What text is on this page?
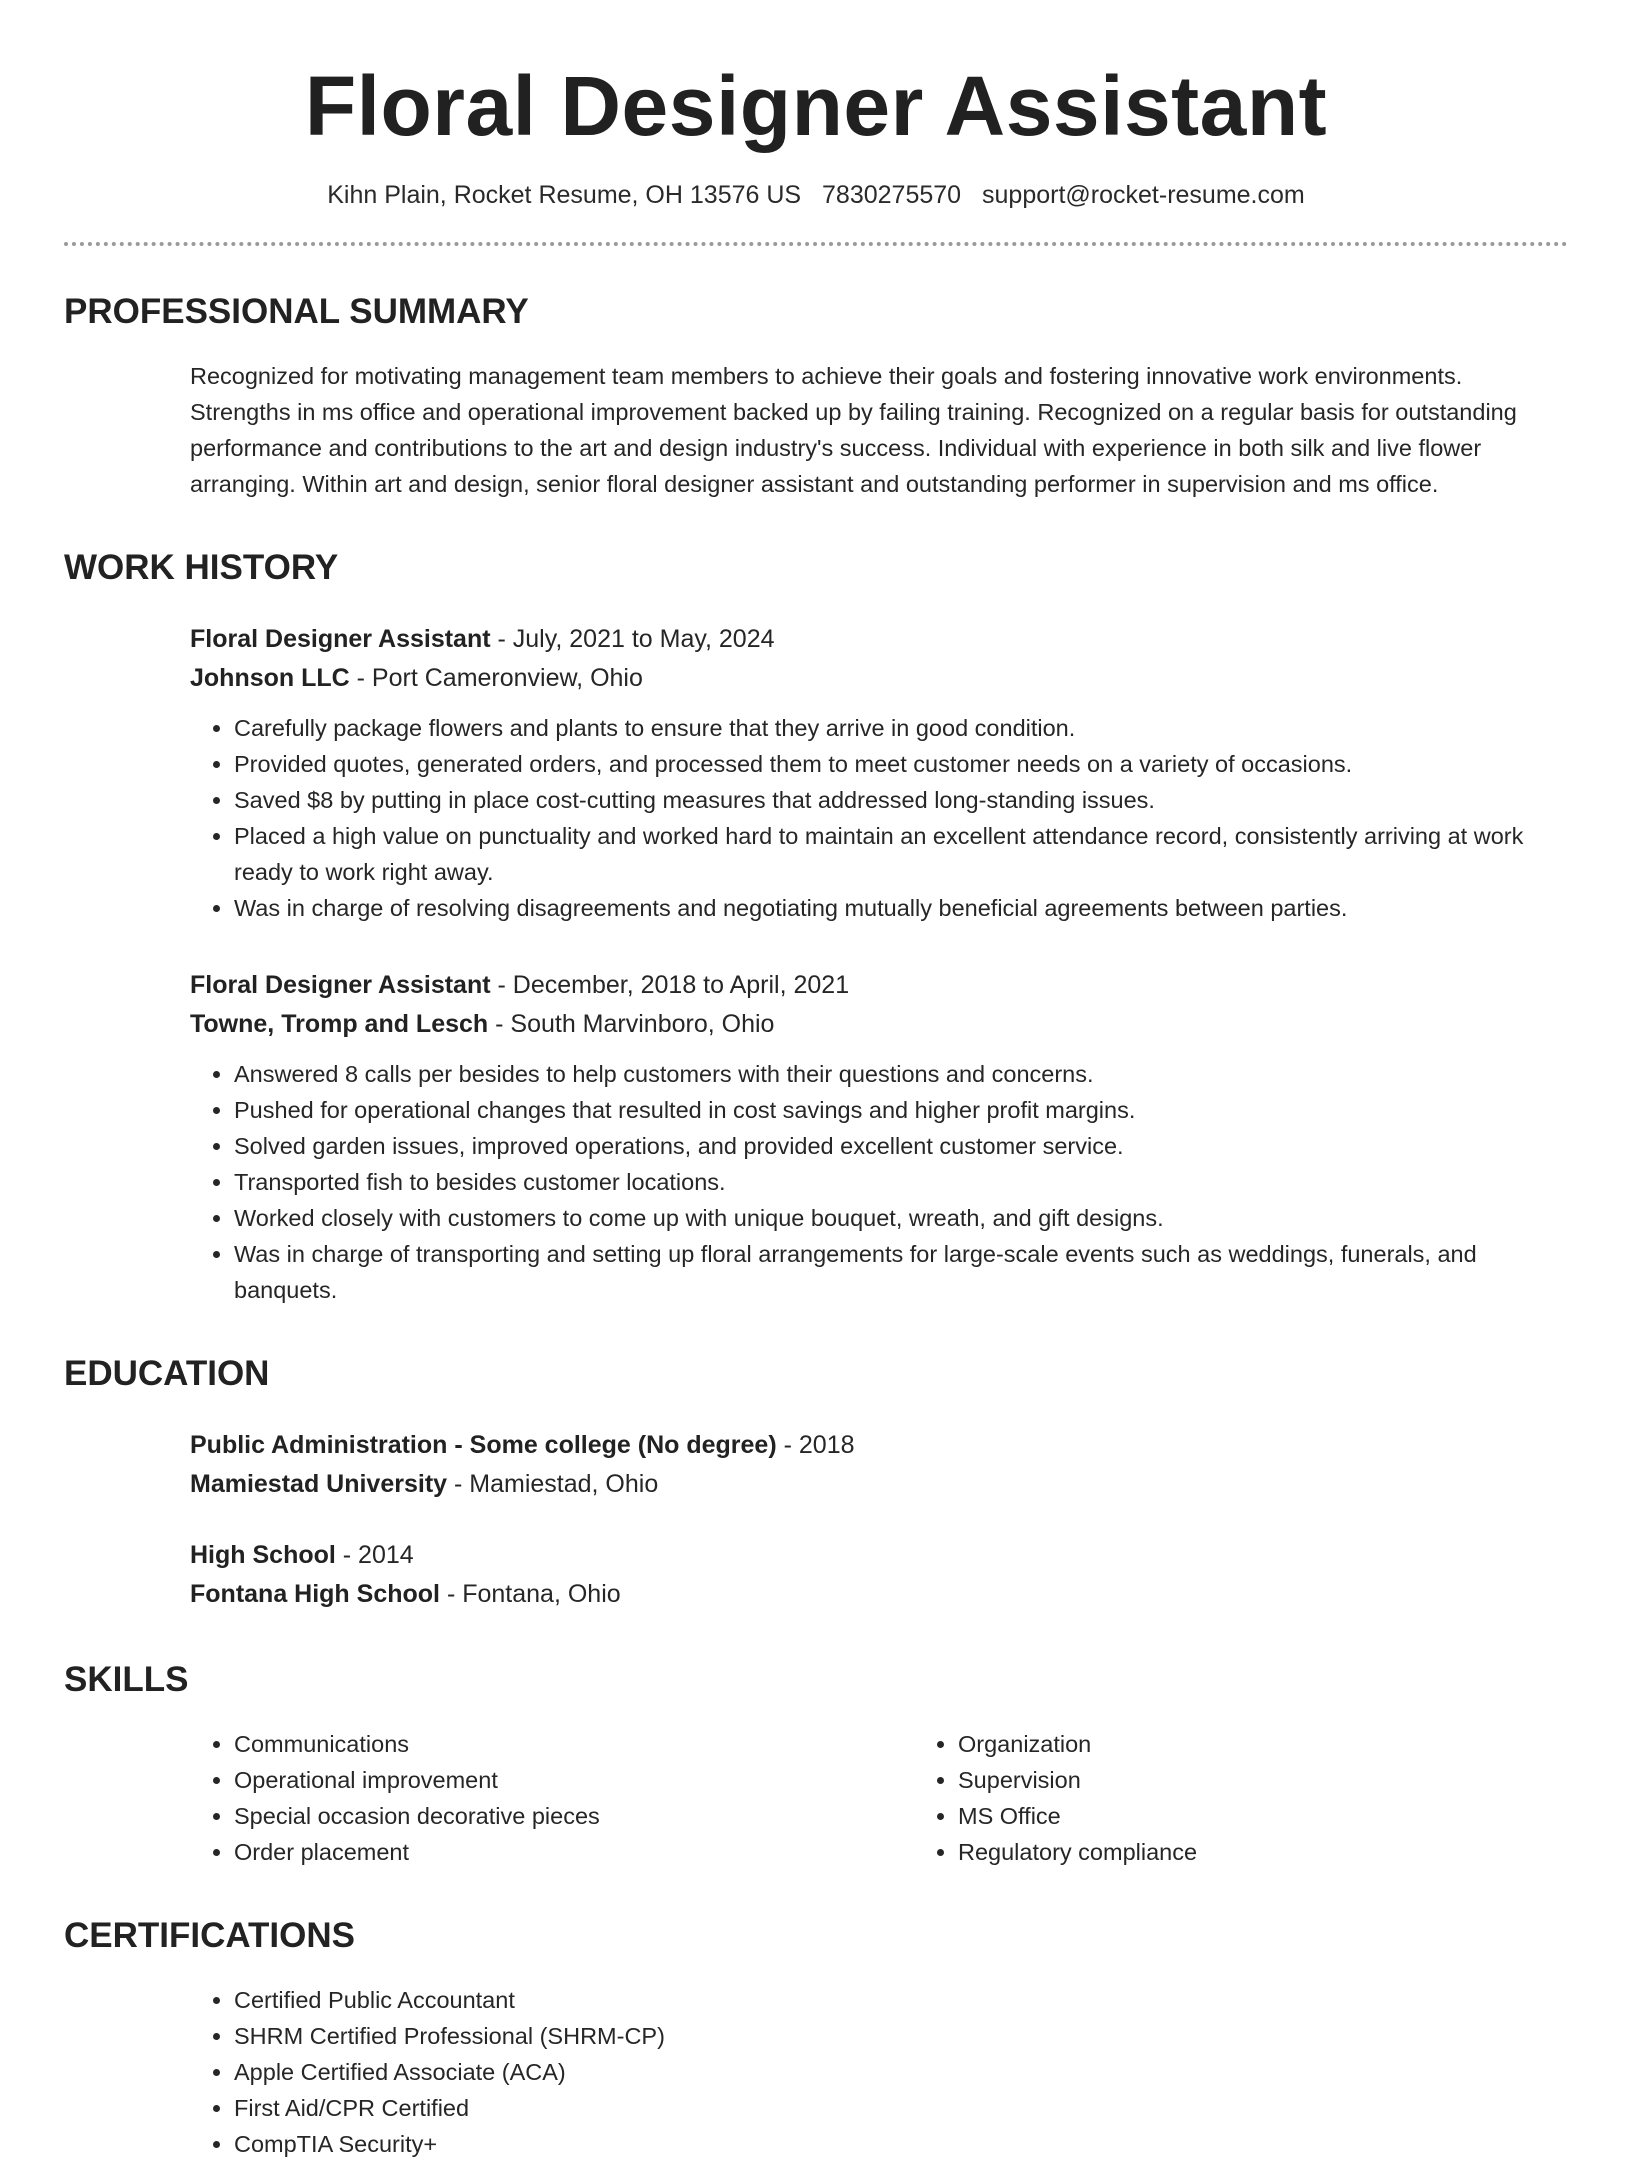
Floral Designer Assistant
Kihn Plain, Rocket Resume, OH 13576 US 7830275570 support@rocket-resume.com
PROFESSIONAL SUMMARY
Recognized for motivating management team members to achieve their goals and fostering innovative work environments. Strengths in ms office and operational improvement backed up by failing training. Recognized on a regular basis for outstanding performance and contributions to the art and design industry's success. Individual with experience in both silk and live flower arranging. Within art and design, senior floral designer assistant and outstanding performer in supervision and ms office.
WORK HISTORY
Floral Designer Assistant - July, 2021 to May, 2024
Johnson LLC - Port Cameronview, Ohio
• Carefully package flowers and plants to ensure that they arrive in good condition.
• Provided quotes, generated orders, and processed them to meet customer needs on a variety of occasions.
• Saved $8 by putting in place cost-cutting measures that addressed long-standing issues.
• Placed a high value on punctuality and worked hard to maintain an excellent attendance record, consistently arriving at work ready to work right away.
• Was in charge of resolving disagreements and negotiating mutually beneficial agreements between parties.
Floral Designer Assistant - December, 2018 to April, 2021
Towne, Tromp and Lesch - South Marvinboro, Ohio
• Answered 8 calls per besides to help customers with their questions and concerns.
• Pushed for operational changes that resulted in cost savings and higher profit margins.
• Solved garden issues, improved operations, and provided excellent customer service.
• Transported fish to besides customer locations.
• Worked closely with customers to come up with unique bouquet, wreath, and gift designs.
• Was in charge of transporting and setting up floral arrangements for large-scale events such as weddings, funerals, and banquets.
EDUCATION
Public Administration - Some college (No degree) - 2018
Mamiestad University - Mamiestad, Ohio
High School - 2014
Fontana High School - Fontana, Ohio
SKILLS
• Communications
• Operational improvement
• Special occasion decorative pieces
• Order placement
• Organization
• Supervision
• MS Office
• Regulatory compliance
CERTIFICATIONS
• Certified Public Accountant
• SHRM Certified Professional (SHRM-CP)
• Apple Certified Associate (ACA)
• First Aid/CPR Certified
• CompTIA Security+
